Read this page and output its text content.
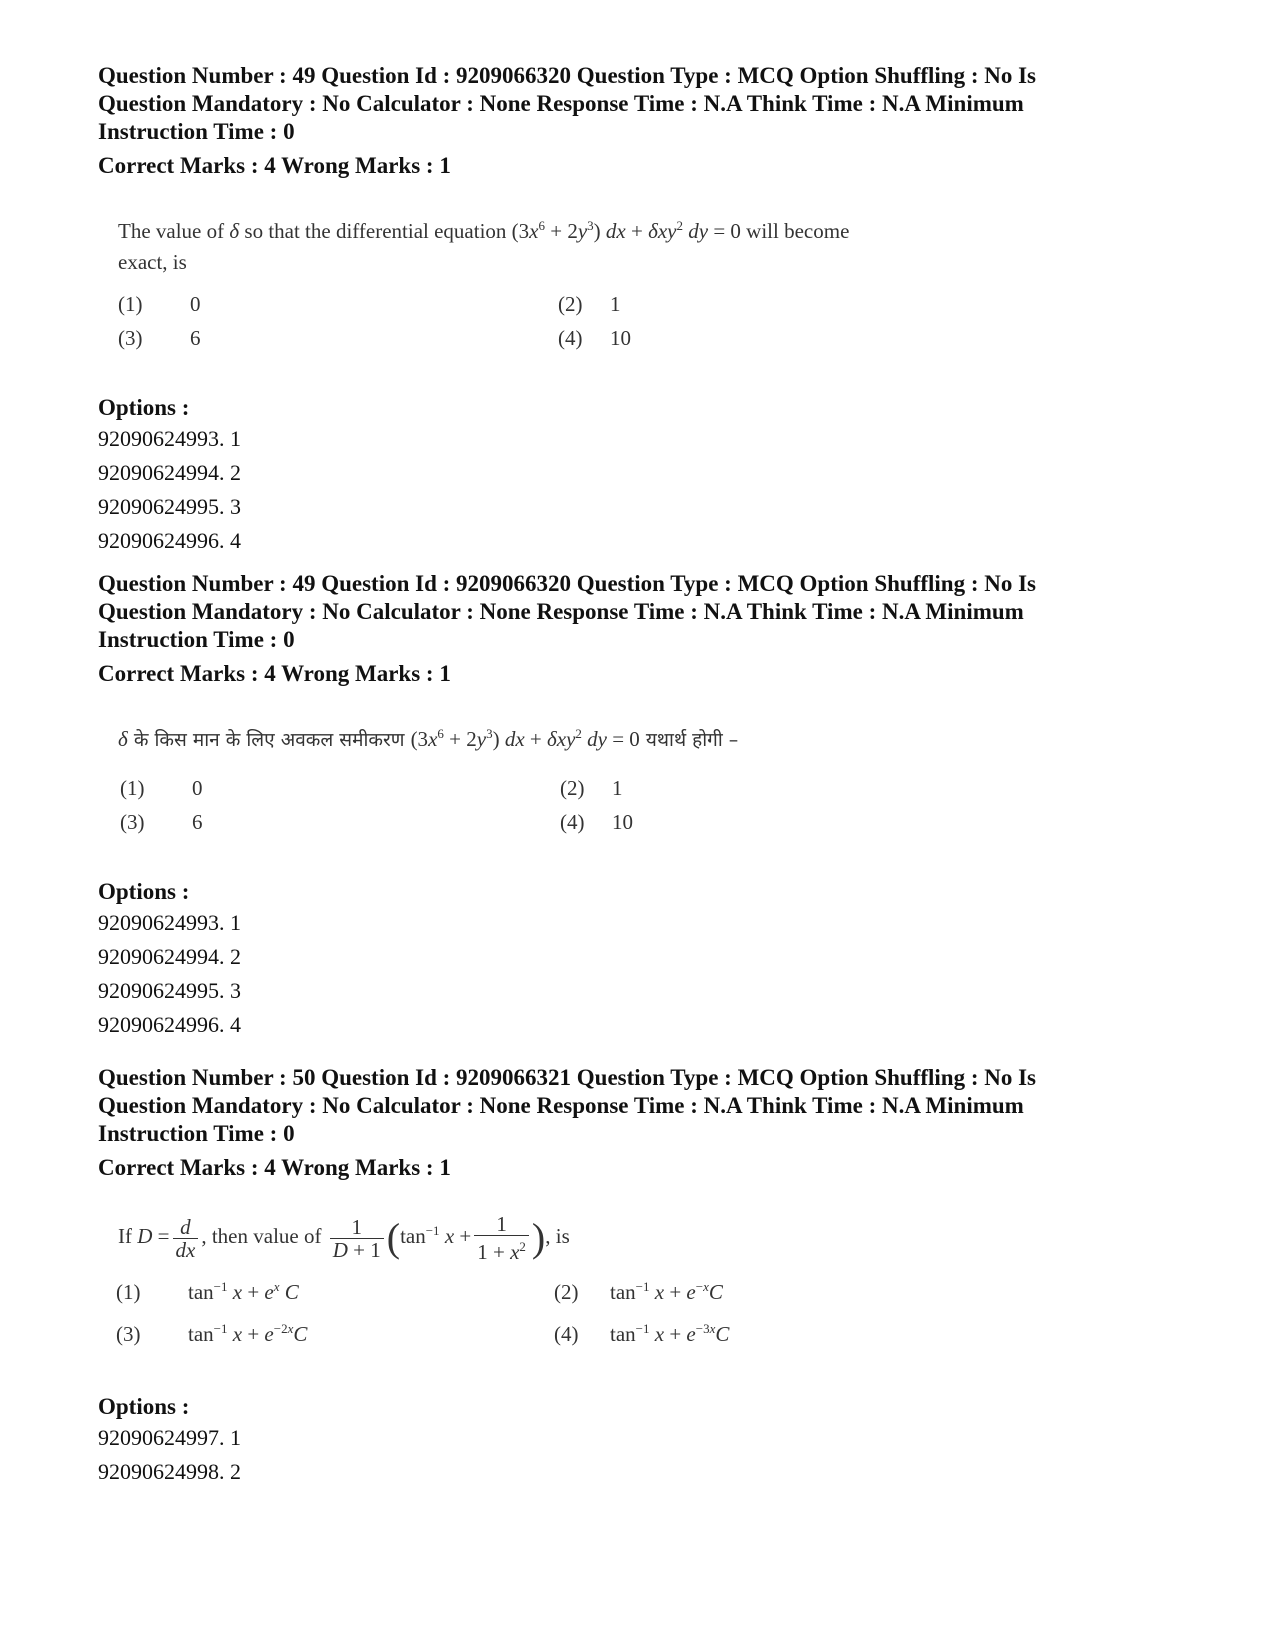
Question Number : 49 Question Id : 9209066320 Question Type : MCQ Option Shuffling : No Is
Question Mandatory : No Calculator : None Response Time : N.A Think Time : N.A Minimum
Instruction Time : 0
Correct Marks : 4 Wrong Marks : 1
The value of δ so that the differential equation $(3x^6 + 2y^3)$ dx + δxy$^2$ dy = 0 will become
exact, is
(1) 0	(2) 1
(3) 6	(4) 10
Options :
92090624993. 1
92090624994. 2
92090624995. 3
92090624996. 4
Question Number : 49 Question Id : 9209066320 Question Type : MCQ Option Shuffling : No Is
Question Mandatory : No Calculator : None Response Time : N.A Think Time : N.A Minimum
Instruction Time : 0
Correct Marks : 4 Wrong Marks : 1
δ के किस मान के लिए अवकल समीकरण $(3x^6 + 2y^3)$ dx + δxy$^2$ dy = 0 यथार्थ होगी –
(1) 0	(2) 1
(3) 6	(4) 10
Options :
92090624993. 1
92090624994. 2
92090624995. 3
92090624996. 4
Question Number : 50 Question Id : 9209066321 Question Type : MCQ Option Shuffling : No Is
Question Mandatory : No Calculator : None Response Time : N.A Think Time : N.A Minimum
Instruction Time : 0
Correct Marks : 4 Wrong Marks : 1
If $D = \frac{d}{dx}$ , then value of $\frac{1}{D + 1} (\tan^{-1}$ $x + \frac{1}{1 + x^2}$ ), is
(1) $\tan^{-1} x + e^x$ C	(2) $\tan^{-1} x + e^{-x}C$
(3) $\tan^{-1} x + e^{-2x}C$	(4) $\tan^{-1} x + e^{-3x}C$
Options :
92090624997. 1
92090624998. 2
